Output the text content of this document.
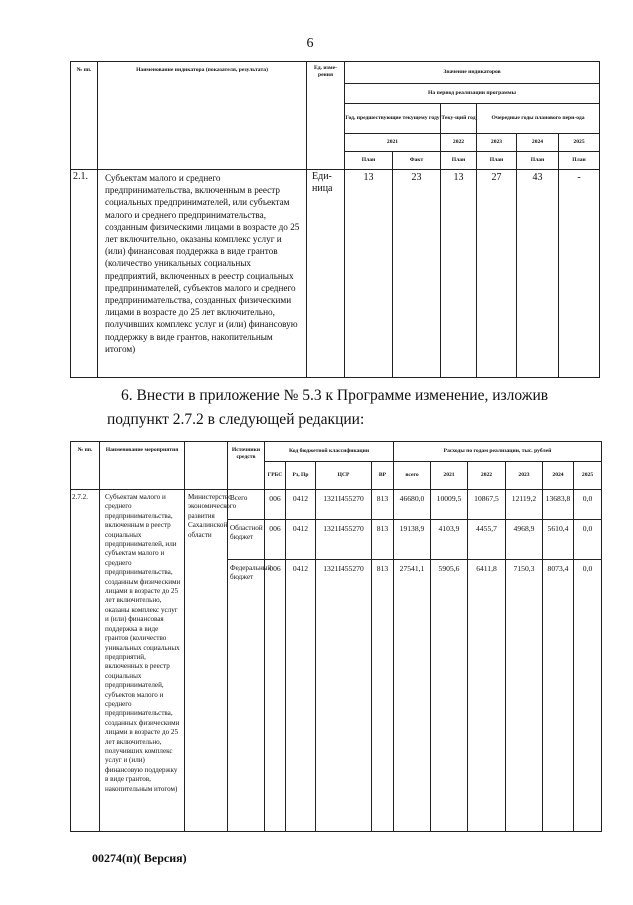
6
№ пп.	Наименование индикатора (показателя, результата)	Ед. изме-рения	Значение индикаторов					
			На период реализации программы					
			Год, предшествующие текущему году		Теку-щий год	Очередные годы планового пери-ода		
			2021		2022	2023	2024	2025
			План	Факт	План	План	План	План
2.1.	Субъектам малого и среднего предпринимательства, включенным в реестр социальных предпринимателей, или субъектам малого и среднего предпринимательства, созданным физическими лицами в возрасте до 25 лет включительно, оказаны комплекс услуг и (или) финансовая поддержка в виде грантов (количество уникальных социальных предприятий, включенных в реестр социальных предпринимателей, субъектов малого и среднего предпринимательства, созданных физическими лицами в возрасте до 25 лет включительно, получивших комплекс услуг и (или) финансовую поддержку в виде грантов, накопительным итогом)	Еди-ница	13	23	13	27	43	-
6. Внести в приложение № 5.3 к Программе изменение, изложив подпункт 2.7.2 в следующей редакции:
№ пп.	Наименование мероприятия		Источники средств	Код бюджетной классификации				Расходы по годам реализации, тыс. рублей					
				ГРБС	Рз, Пр	ЦСР	ВР	всего	2021	2022	2023	2024	2025
2.7.2.	Субъектам малого и среднего предпринимательства, включенным в реестр социальных предпринимателей, или субъектам малого и среднего предпринимательства, созданным физическими лицами в возрасте до 25 лет включительно, оказаны комплекс услуг и (или) финансовая поддержка в виде грантов (количество уникальных социальных предприятий, включенных в реестр социальных предпринимателей, субъектов малого и среднего предпринимательства, созданных физическими лицами в возрасте до 25 лет включительно, получивших комплекс услуг и (или) финансовую поддержку в виде грантов, накопительным итогом)	Министерство экономического развития Сахалинской области	Всего	006	0412	1321I455270	813	46680,0	10009,5	10867,5	12119,2	13683,8	0,0
			Областной бюджет	006	0412	1321I455270	813	19138,9	4103,9	4455,7	4968,9	5610,4	0,0
			Федеральный бюджет	006	0412	1321I455270	813	27541,1	5905,6	6411,8	7150,3	8073,4	0,0
00274(п)( Версия)
